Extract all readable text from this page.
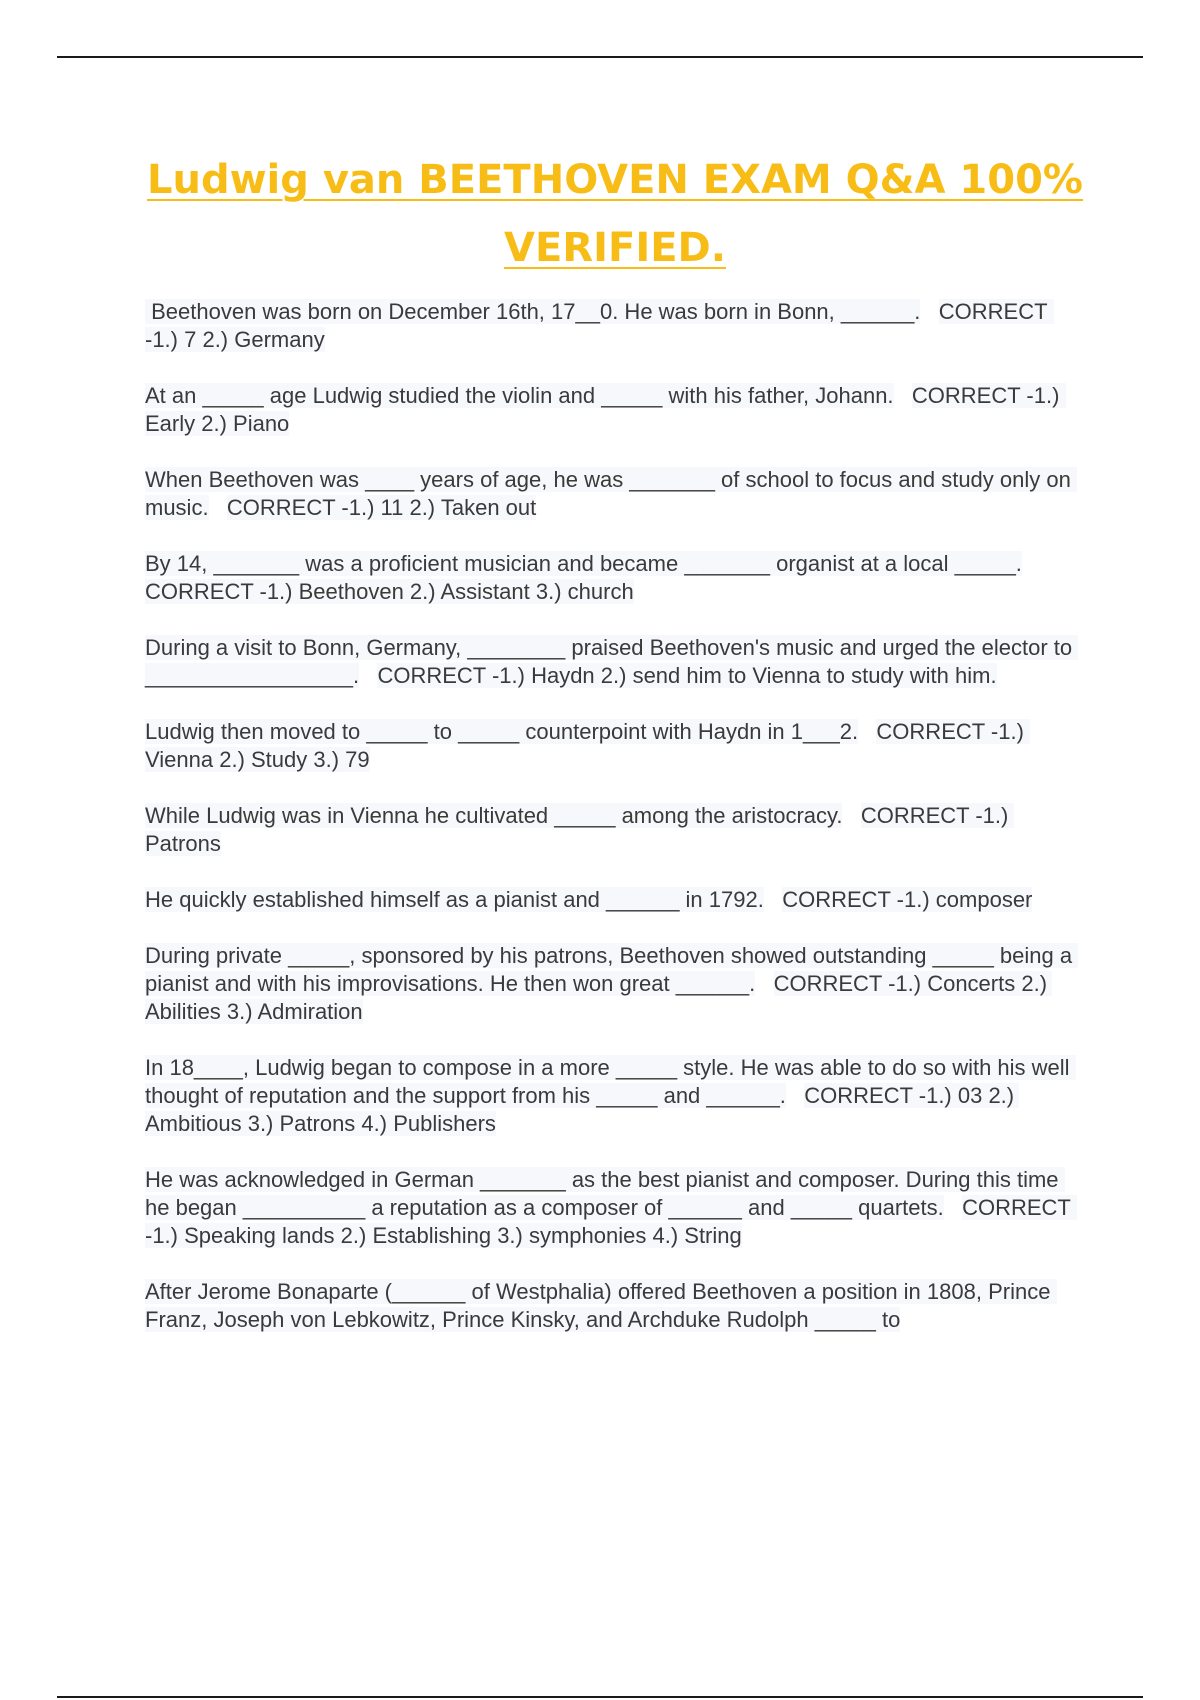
Ludwig van BEETHOVEN EXAM Q&A 100% VERIFIED.

Beethoven was born on December 16th, 17__0. He was born in Bonn, ______. CORRECT -1.) 7 2.) Germany

At an _____ age Ludwig studied the violin and _____ with his father, Johann. CORRECT -1.) Early 2.) Piano

When Beethoven was ____ years of age, he was _______ of school to focus and study only on music. CORRECT -1.) 11 2.) Taken out

By 14, _______ was a proficient musician and became _______ organist at a local _____.   CORRECT -1.) Beethoven 2.) Assistant 3.) church

During a visit to Bonn, Germany, ________ praised Beethoven's music and urged the elector to _________________. CORRECT -1.) Haydn 2.) send him to Vienna to study with him.

Ludwig then moved to _____ to _____ counterpoint with Haydn in 1___2. CORRECT -1.) Vienna 2.) Study 3.) 79

While Ludwig was in Vienna he cultivated _____ among the aristocracy. CORRECT -1.) Patrons

He quickly established himself as a pianist and ______ in 1792. CORRECT -1.) composer

During private _____, sponsored by his patrons, Beethoven showed outstanding _____ being a pianist and with his improvisations. He then won great ______. CORRECT -1.) Concerts 2.) Abilities 3.) Admiration

In 18____, Ludwig began to compose in a more _____ style. He was able to do so with his well thought of reputation and the support from his _____ and ______. CORRECT -1.) 03 2.) Ambitious 3.) Patrons 4.) Publishers

He was acknowledged in German _______ as the best pianist and composer. During this time he began __________ a reputation as a composer of ______ and _____ quartets. CORRECT -1.) Speaking lands 2.) Establishing 3.) symphonies 4.) String

After Jerome Bonaparte (______ of Westphalia) offered Beethoven a position in 1808, Prince Franz, Joseph von Lebkowitz, Prince Kinsky, and Archduke Rudolph _____ to
